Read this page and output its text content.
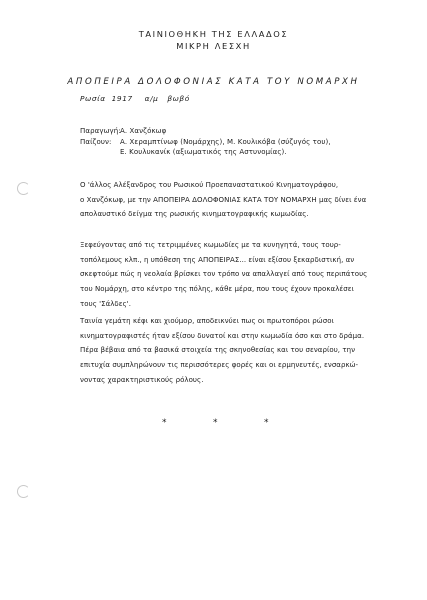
ΤΑΙΝΙΟΘΗΚΗ ΤΗΣ ΕΛΛΑΔΟΣ
ΜΙΚΡΗ ΛΕΣΧΗ
ΑΠΟΠΕΙΡΑ ΔΟΛΟΦΟΝΙΑΣ ΚΑΤΑ ΤΟΥ ΝΟΜΑΡΧΗ
Ρωσία  1917    α/μ   βωβό
Παραγωγή: Α. Χανζόκωφ
Παίζουν:	Α. Χεραμπτίνωφ (Νομάρχης), Μ. Κουλικόβα (σύζυγός του),
Ε. Κουλυκανίκ (αξιωματικός της Αστυνομίας).
Ο 'άλλος Αλέξανδρος του Ρωσικού Προεπαναστατικού Κινηματογράφου,
ο Χανζόκωφ, με την ΑΠΟΠΕΙΡΑ ΔΟΛΟΦΟΝΙΑΣ ΚΑΤΑ ΤΟΥ ΝΟΜΑΡΧΗ μας δίνει ένα
απολαυστικό δείγμα της ρωσικής κινηματογραφικής κωμωδίας.
Ξεφεύγοντας από τις τετριμμένες κωμωδίες με τα κυνηγητά, τους τουρ-
τοπόλεμους κλπ., η υπόθεση της ΑΠΟΠΕΙΡΑΣ... είναι εξίσου ξεκαρδιστική, αν
σκεφτούμε πώς η νεολαία βρίσκει τον τρόπο να απαλλαγεί από τους περιπάτους
του Νομάρχη, στο κέντρο της πόλης, κάθε μέρα, που τους έχουν προκαλέσει
τους 'Σάλδες'.
Ταινία γεμάτη κέφι και χιούμορ, αποδεικνύει πως οι πρωτοπόροι ρώσοι
κινηματογραφιστές ήταν εξίσου δυνατοί και στην κωμωδία όσο και στο δράμα.
Πέρα βέβαια από τα βασικά στοιχεία της σκηνοθεσίας και του σεναρίου, την
επιτυχία συμπληρώνουν τις περισσότερες φορές και οι ερμηνευτές, ενσαρκώ-
νοντας χαρακτηριστικούς ρόλους.
*	*	*
